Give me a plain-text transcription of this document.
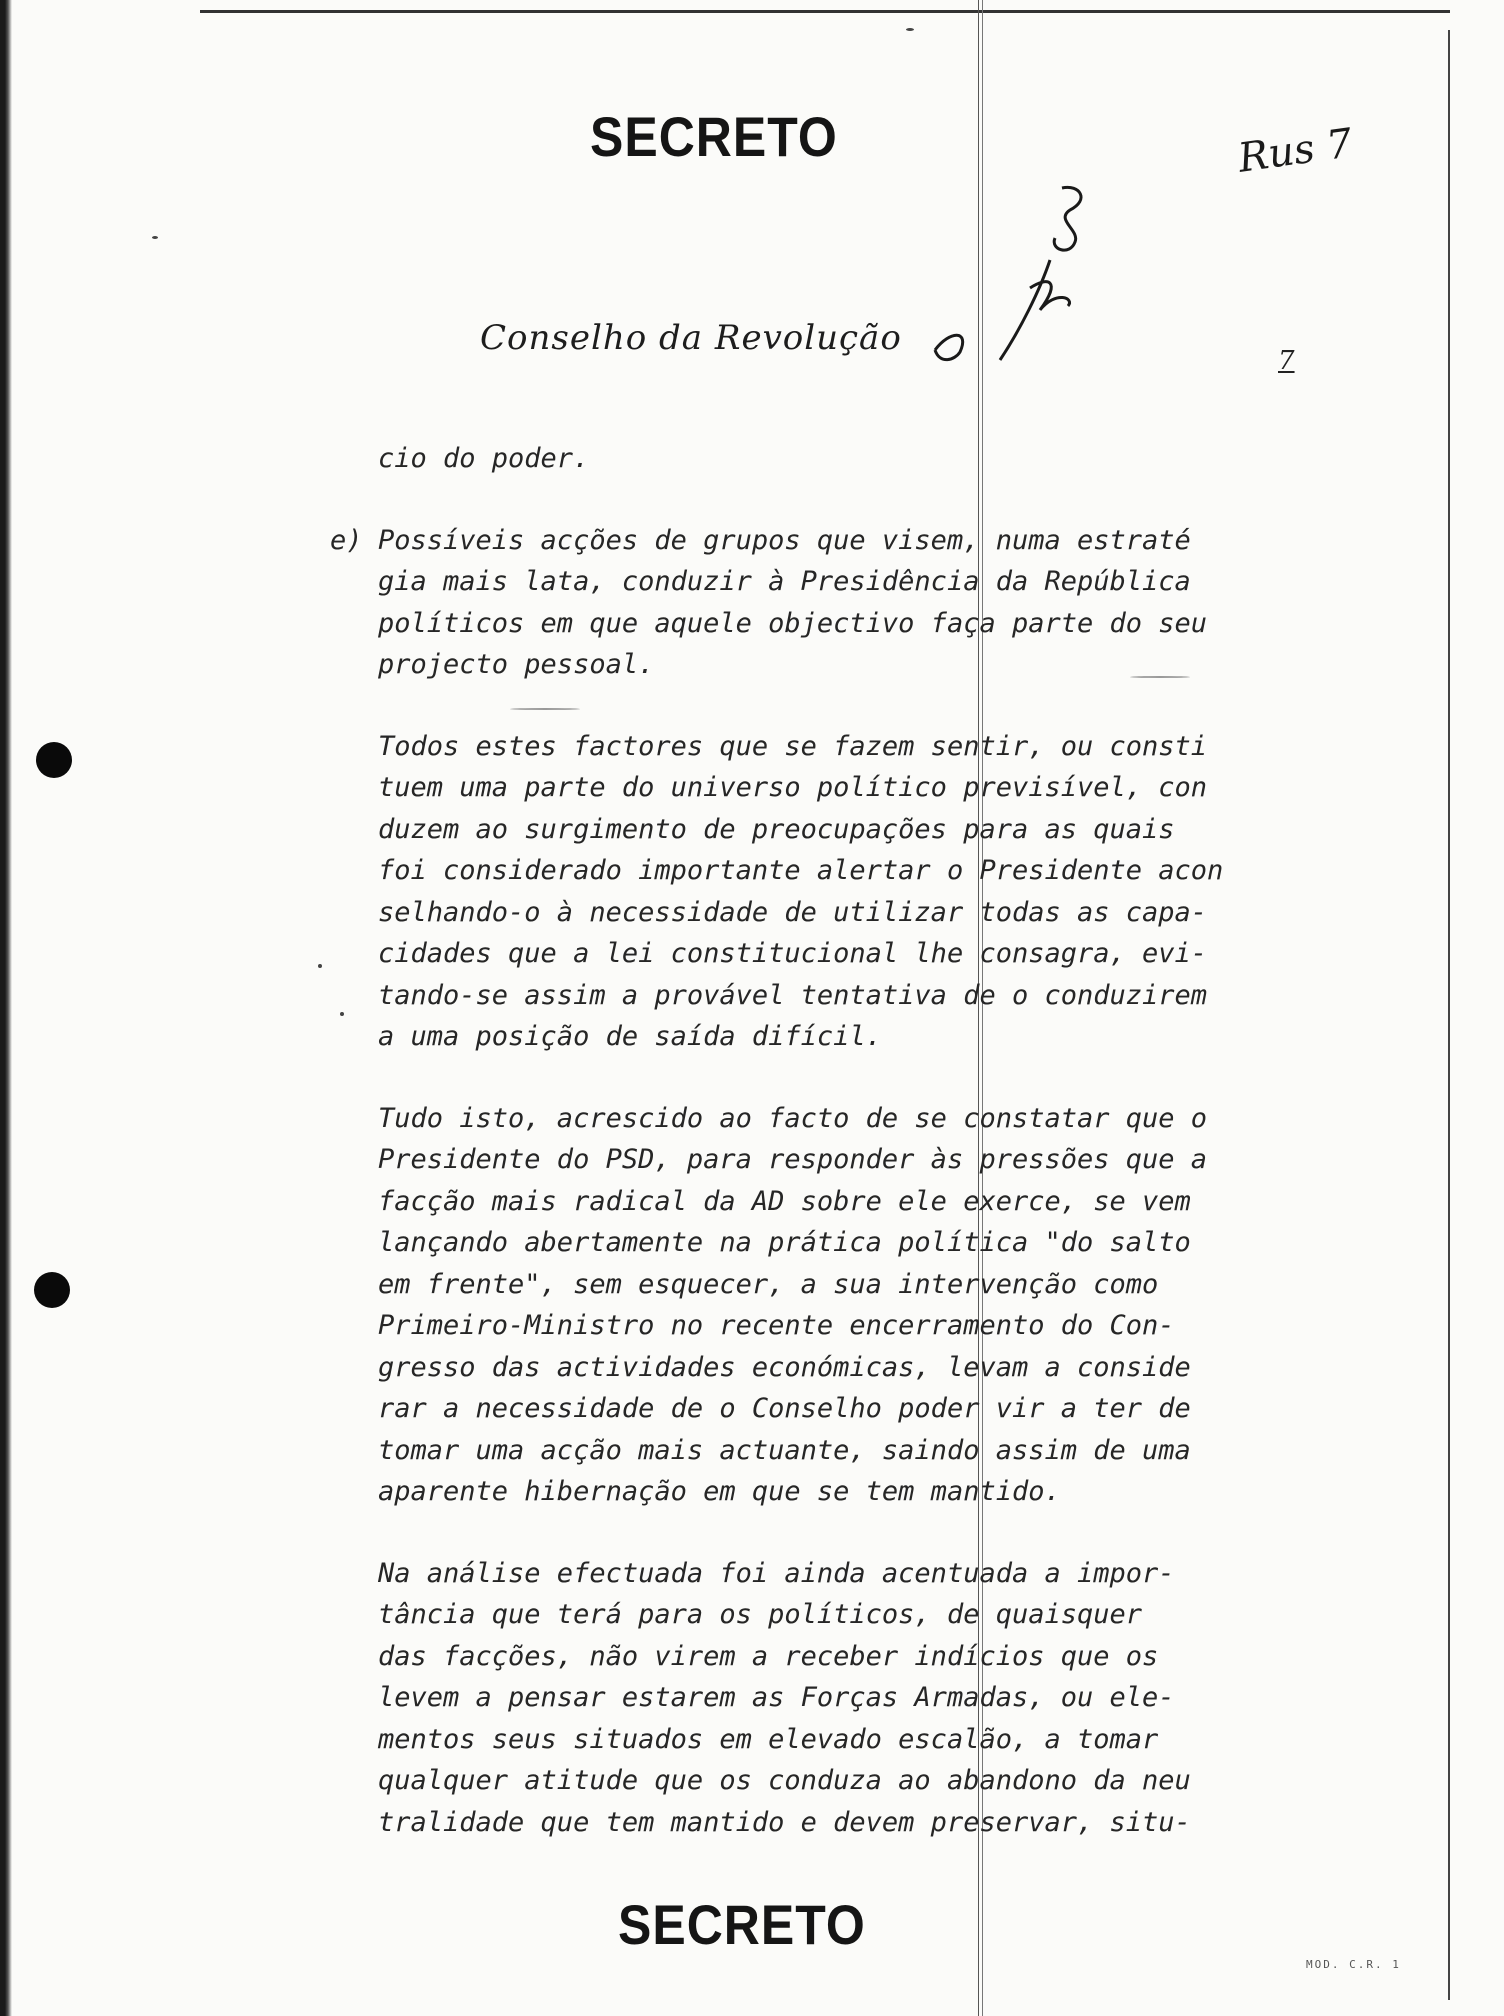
SECRETO	Rus 7
Conselho da Revolução
7
cio do poder.
e) Possíveis acções de grupos que visem, numa estraté
gia mais lata, conduzir à Presidência da República
políticos em que aquele objectivo faça parte do seu
projecto pessoal.
Todos estes factores que se fazem sentir, ou consti
tuem uma parte do universo político previsível, con
duzem ao surgimento de preocupações para as quais
foi considerado importante alertar o Presidente acon
selhando-o à necessidade de utilizar todas as capa-
cidades que a lei constitucional lhe consagra, evi-
tando-se assim a provável tentativa de o conduzirem
a uma posição de saída difícil.
Tudo isto, acrescido ao facto de se constatar que o
Presidente do PSD, para responder às pressões que a
facção mais radical da AD sobre ele exerce, se vem
lançando abertamente na prática política "do salto
em frente", sem esquecer, a sua intervenção como
Primeiro-Ministro no recente encerramento do Con-
gresso das actividades económicas, levam a conside
rar a necessidade de o Conselho poder vir a ter de
tomar uma acção mais actuante, saindo assim de uma
aparente hibernação em que se tem mantido.
Na análise efectuada foi ainda acentuada a impor-
tância que terá para os políticos, de quaisquer
das facções, não virem a receber indícios que os
levem a pensar estarem as Forças Armadas, ou ele-
mentos seus situados em elevado escalão, a tomar
qualquer atitude que os conduza ao abandono da neu
tralidade que tem mantido e devem preservar, situ-
SECRETO
MOD. C.R. 1
